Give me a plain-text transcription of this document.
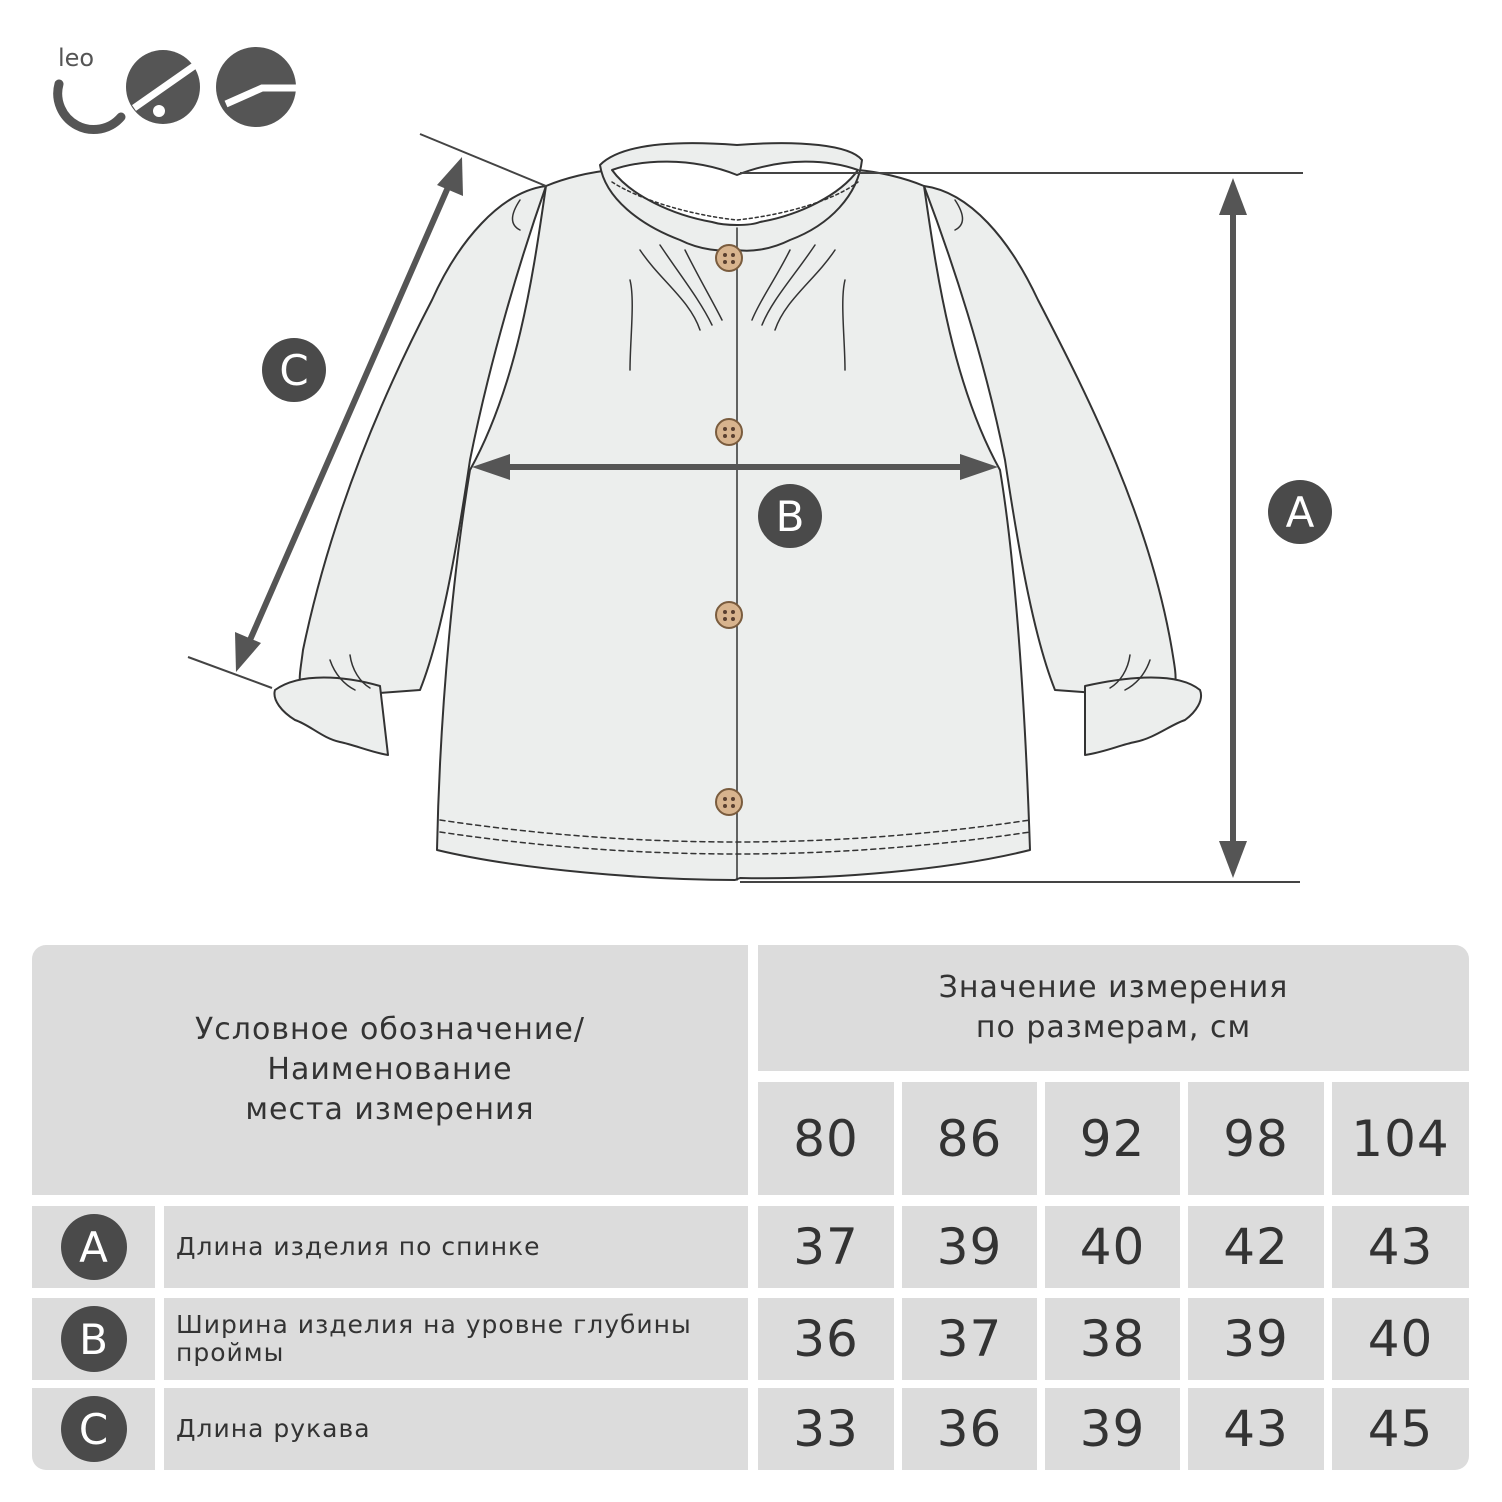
leo
A
B
C
Условное обозначение/
Наименование
места измерения
Значение измерения
по размерам, см
80	86	92	98	104
A	Длина изделия по спинке	37	39	40	42	43
B	Ширина изделия на уровне глубины проймы	36	37	38	39	40
C	Длина рукава	33	36	39	43	45
